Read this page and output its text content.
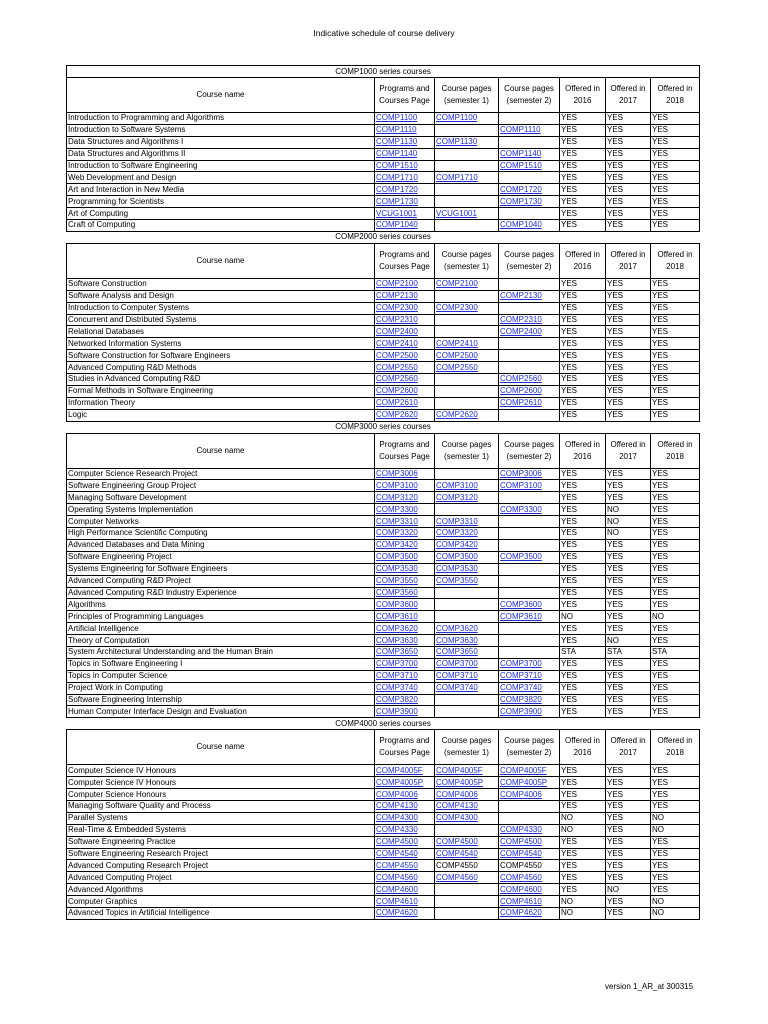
Indicative schedule of course delivery
COMP1000 series courses						
Course name	Programs and Courses Page	Course pages (semester 1)	Course pages (semester 2)	Offered in 2016	Offered in 2017	Offered in 2018
Introduction to Programming and Algorithms	COMP1100	COMP1100		YES	YES	YES
Introduction to Software Systems	COMP1110		COMP1110	YES	YES	YES
Data Structures and Algorithms I	COMP1130	COMP1130		YES	YES	YES
Data Structures and Algorithms II	COMP1140		COMP1140	YES	YES	YES
Introduction to Software Engineering	COMP1510		COMP1510	YES	YES	YES
Web Development and Design	COMP1710	COMP1710		YES	YES	YES
Art and Interaction in New Media	COMP1720		COMP1720	YES	YES	YES
Programming for Scientists	COMP1730		COMP1730	YES	YES	YES
Art of Computing	VCUG1001	VCUG1001		YES	YES	YES
Craft of Computing	COMP1040		COMP1040	YES	YES	YES
COMP2000 series courses						
Course name	Programs and Courses Page	Course pages (semester 1)	Course pages (semester 2)	Offered in 2016	Offered in 2017	Offered in 2018
Software Construction	COMP2100	COMP2100		YES	YES	YES
Software Analysis and Design	COMP2130		COMP2130	YES	YES	YES
Introduction to Computer Systems	COMP2300	COMP2300		YES	YES	YES
Concurrent and Distributed Systems	COMP2310		COMP2310	YES	YES	YES
Relational Databases	COMP2400		COMP2400	YES	YES	YES
Networked Information Systems	COMP2410	COMP2410		YES	YES	YES
Software Construction for Software Engineers	COMP2500	COMP2500		YES	YES	YES
Advanced Computing R&D Methods	COMP2550	COMP2550		YES	YES	YES
Studies in Advanced Computing R&D	COMP2560		COMP2560	YES	YES	YES
Formal Methods in Software Engineering	COMP2600		COMP2600	YES	YES	YES
Information Theory	COMP2610		COMP2610	YES	YES	YES
Logic	COMP2620	COMP2620		YES	YES	YES
COMP3000 series courses						
Course name	Programs and Courses Page	Course pages (semester 1)	Course pages (semester 2)	Offered in 2016	Offered in 2017	Offered in 2018
Computer Science Research Project	COMP3006		COMP3006	YES	YES	YES
Software Engineering Group Project	COMP3100	COMP3100	COMP3100	YES	YES	YES
Managing Software Development	COMP3120	COMP3120		YES	YES	YES
Operating Systems Implementation	COMP3300		COMP3300	YES	NO	YES
Computer Networks	COMP3310	COMP3310		YES	NO	YES
High Performance Scientific Computing	COMP3320	COMP3320		YES	NO	YES
Advanced Databases and Data Mining	COMP3420	COMP3420		YES	YES	YES
Software Engineering Project	COMP3500	COMP3500	COMP3500	YES	YES	YES
Systems Engineering for Software Engineers	COMP3530	COMP3530		YES	YES	YES
Advanced Computing R&D Project	COMP3550	COMP3550		YES	YES	YES
Advanced Computing R&D Industry Experience	COMP3560			YES	YES	YES
Algorithms	COMP3600		COMP3600	YES	YES	YES
Principles of Programming Languages	COMP3610		COMP3610	NO	YES	NO
Artificial Intelligence	COMP3620	COMP3620		YES	YES	YES
Theory of Computation	COMP3630	COMP3630		YES	NO	YES
System Architectural Understanding and the Human Brain	COMP3650	COMP3650		STA	STA	STA
Topics in Software Engineering I	COMP3700	COMP3700	COMP3700	YES	YES	YES
Topics in Computer Science	COMP3710	COMP3710	COMP3710	YES	YES	YES
Project Work in Computing	COMP3740	COMP3740	COMP3740	YES	YES	YES
Software Engineering Internship	COMP3820		COMP3820	YES	YES	YES
Human Computer Interface Design and Evaluation	COMP3900		COMP3900	YES	YES	YES
COMP4000 series courses						
Course name	Programs and Courses Page	Course pages (semester 1)	Course pages (semester 2)	Offered in 2016	Offered in 2017	Offered in 2018
Computer Science IV Honours	COMP4005F	COMP4005F	COMP4005F	YES	YES	YES
Computer Science IV Honours	COMP4005P	COMP4005P	COMP4005P	YES	YES	YES
Computer Science Honours	COMP4006	COMP4006	COMP4006	YES	YES	YES
Managing Software Quality and Process	COMP4130	COMP4130		YES	YES	YES
Parallel Systems	COMP4300	COMP4300		NO	YES	NO
Real-Time & Embedded Systems	COMP4330		COMP4330	NO	YES	NO
Software Engineering Practice	COMP4500	COMP4500	COMP4500	YES	YES	YES
Software Engineering Research Project	COMP4540	COMP4540	COMP4540	YES	YES	YES
Advanced Computing Research Project	COMP4550	COMP4550	COMP4550	YES	YES	YES
Advanced Computing Project	COMP4560	COMP4560	COMP4560	YES	YES	YES
Advanced Algorithms	COMP4600		COMP4600	YES	NO	YES
Computer Graphics	COMP4610		COMP4610	NO	YES	NO
Advanced Topics in Artificial Intelligence	COMP4620		COMP4620	NO	YES	NO
version 1_AR_at 300315
